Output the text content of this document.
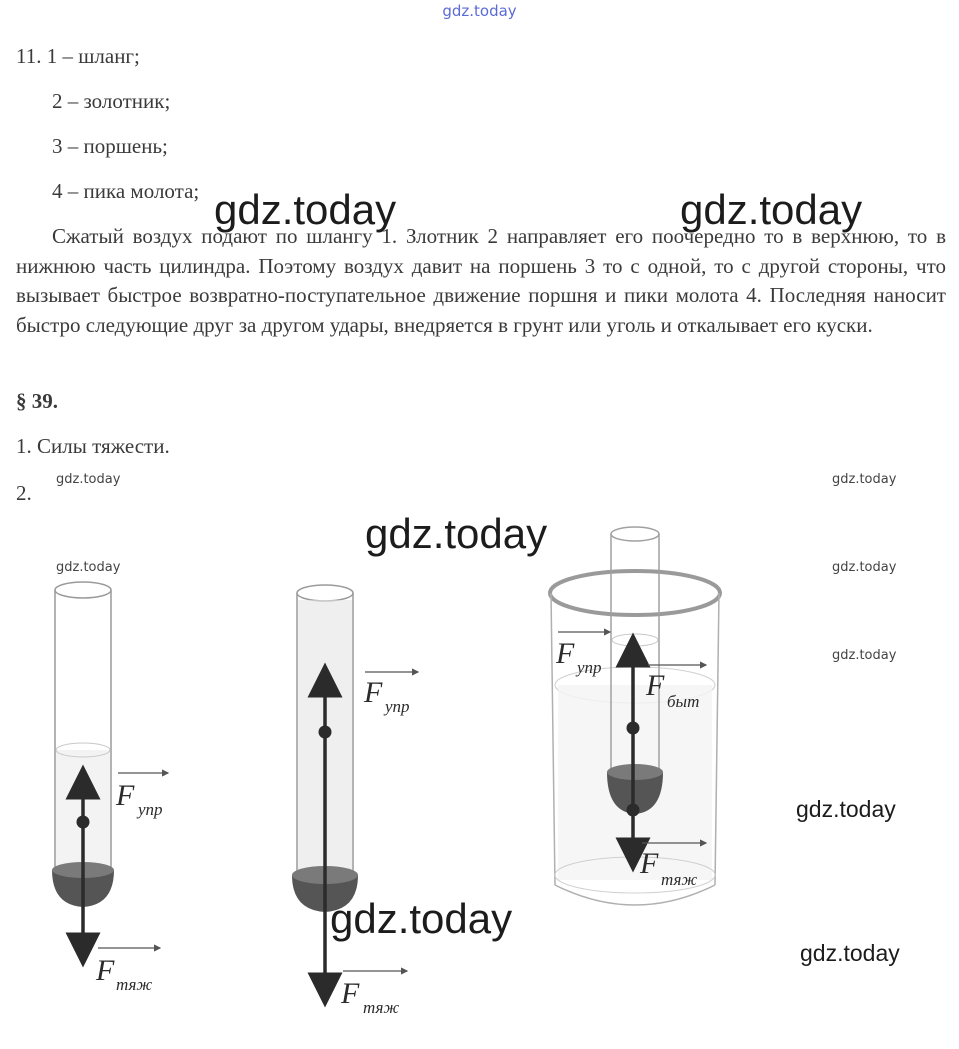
gdz.today
11. 1 – шланг;
2 – золотник;
3 – поршень;
4 – пика молота;
Сжатый воздух подают по шлангу 1. Злотник 2 направляет его поочередно то в верхнюю, то в нижнюю часть цилиндра. Поэтому воздух давит на поршень 3 то с одной, то с другой стороны, что вызывает быстрое возвратно-поступательное движение поршня и пики молота 4. Последняя наносит быстро следующие друг за другом удары, внедряется в грунт или уголь и откалывает его куски.
§ 39.
1. Силы тяжести.
2.
F упр
F тяж
F упр
F тяж
F упр
F быт
F тяж
gdz.today	gdz.today
gdz.today
gdz.today
gdz.today
gdz.today
gdz.today	gdz.today
gdz.today	gdz.today
gdz.today
